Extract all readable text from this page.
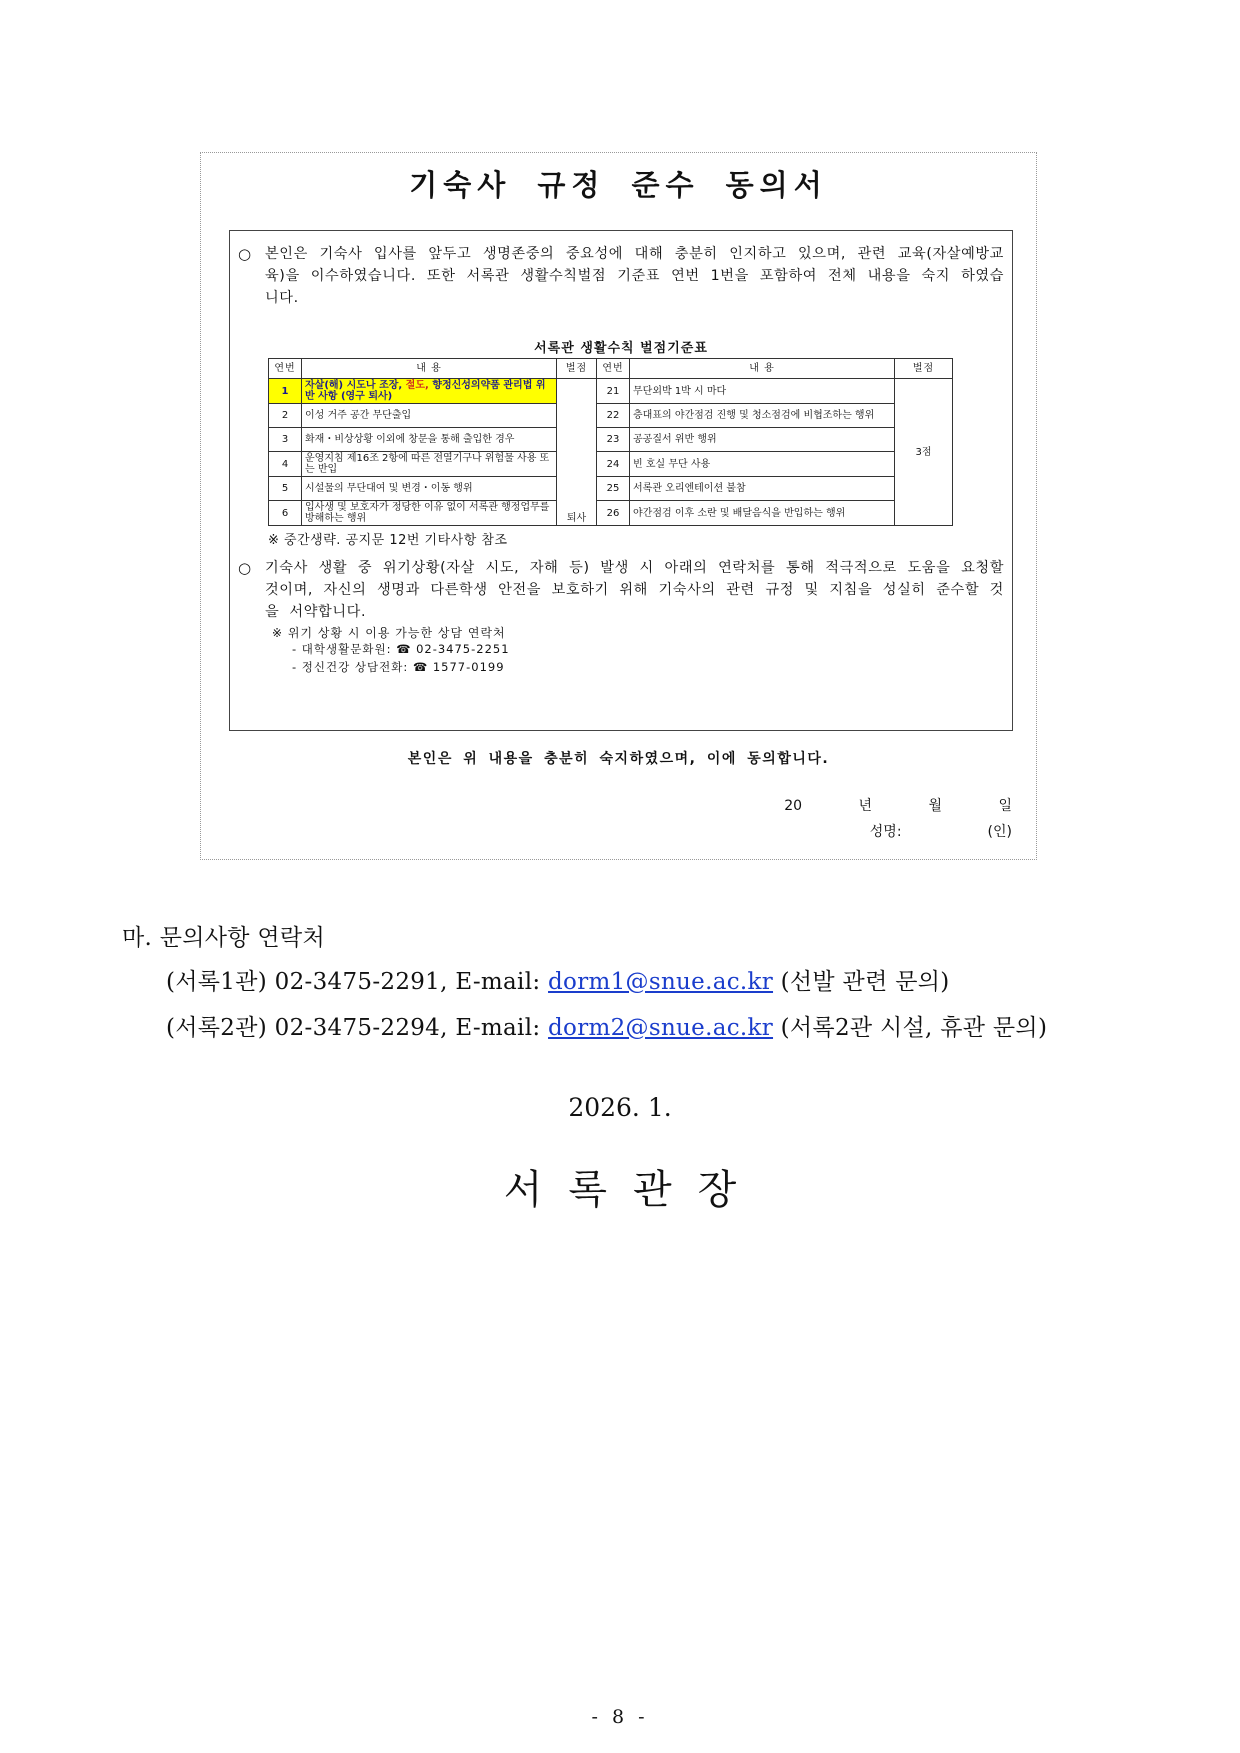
기숙사 규정 준수 동의서
○ 본인은 기숙사 입사를 앞두고 생명존중의 중요성에 대해 충분히 인지하고 있으며, 관련 교육(자살예방교육)을 이수하였습니다. 또한 서록관 생활수칙벌점 기준표 연번 1번을 포함하여 전체 내용을 숙지 하였습니다.
서록관 생활수칙 벌점기준표
연번	내 용	벌점	연번	내 용	벌점
1	자살(해) 시도나 조장, 절도, 향정신성의약품 관리법 위반 사항 (영구 퇴사)	퇴사	21	무단외박 1박 시 마다	3점
2	이성 거주 공간 무단출입		22	층대표의 야간점검 진행 및 청소점검에 비협조하는 행위	
3	화재・비상상황 이외에 창문을 통해 출입한 경우		23	공공질서 위반 행위	
4	운영지침 제16조 2항에 따른 전열기구나 위험물 사용 또는 반입		24	빈 호실 무단 사용	
5	시설물의 무단대여 및 변경・이동 행위		25	서록관 오리엔테이션 불참	
6	입사생 및 보호자가 정당한 이유 없이 서록관 행정업무를 방해하는 행위		26	야간점검 이후 소란 및 배달음식을 반입하는 행위	
※ 중간생략. 공지문 12번 기타사항 참조
○ 기숙사 생활 중 위기상황(자살 시도, 자해 등) 발생 시 아래의 연락처를 통해 적극적으로 도움을 요청할 것이며, 자신의 생명과 다른학생 안전을 보호하기 위해 기숙사의 관련 규정 및 지침을 성실히 준수할 것을 서약합니다.
※ 위기 상황 시 이용 가능한 상담 연락처
- 대학생활문화원: ☎ 02-3475-2251
- 정신건강 상담전화: ☎ 1577-0199
본인은 위 내용을 충분히 숙지하였으며, 이에 동의합니다.
20 년 월 일
성명:	(인)
마. 문의사항 연락처
(서록1관) 02-3475-2291, E-mail: dorm1@snue.ac.kr (선발 관련 문의)
(서록2관) 02-3475-2294, E-mail: dorm2@snue.ac.kr (서록2관 시설, 휴관 문의)
2026. 1.
서록관장
- 8 -
